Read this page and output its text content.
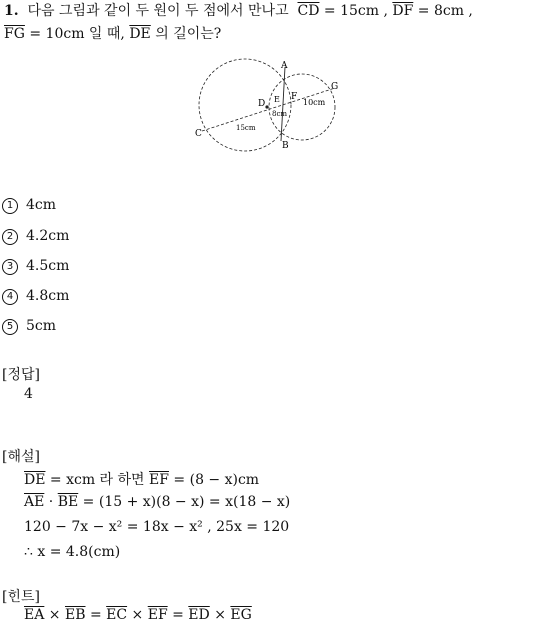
1. 다음 그림과 같이 두 원이 두 점에서 만나고 $\overline{CD} = 15cm$ , $\overline{DF} = 8cm$ ,
$\overline{FG} = 10cm$ 일 때, $\overline{DE}$ 의 길이는?
A
B
C
D E F
G
10cm
8cm
15cm
1 4cm
2 4.2cm
3 4.5cm
4 4.8cm
5 5cm
[정답]
4
[해설]
$\overline{DE}$ = xcm 라 하면 $\overline{EF} = (8 - x)cm$
$\overline{AE} \cdot \overline{BE} = (15 + x)(8 - x) = x(18 - x)$
120 − 7x − x² = 18x − x² , 25x = 120
∴ x = 4.8(cm)
[힌트]
$\overline{EA} \times \overline{EB} = \overline{EC} \times \overline{EF} = \overline{ED} \times \overline{EG}$
